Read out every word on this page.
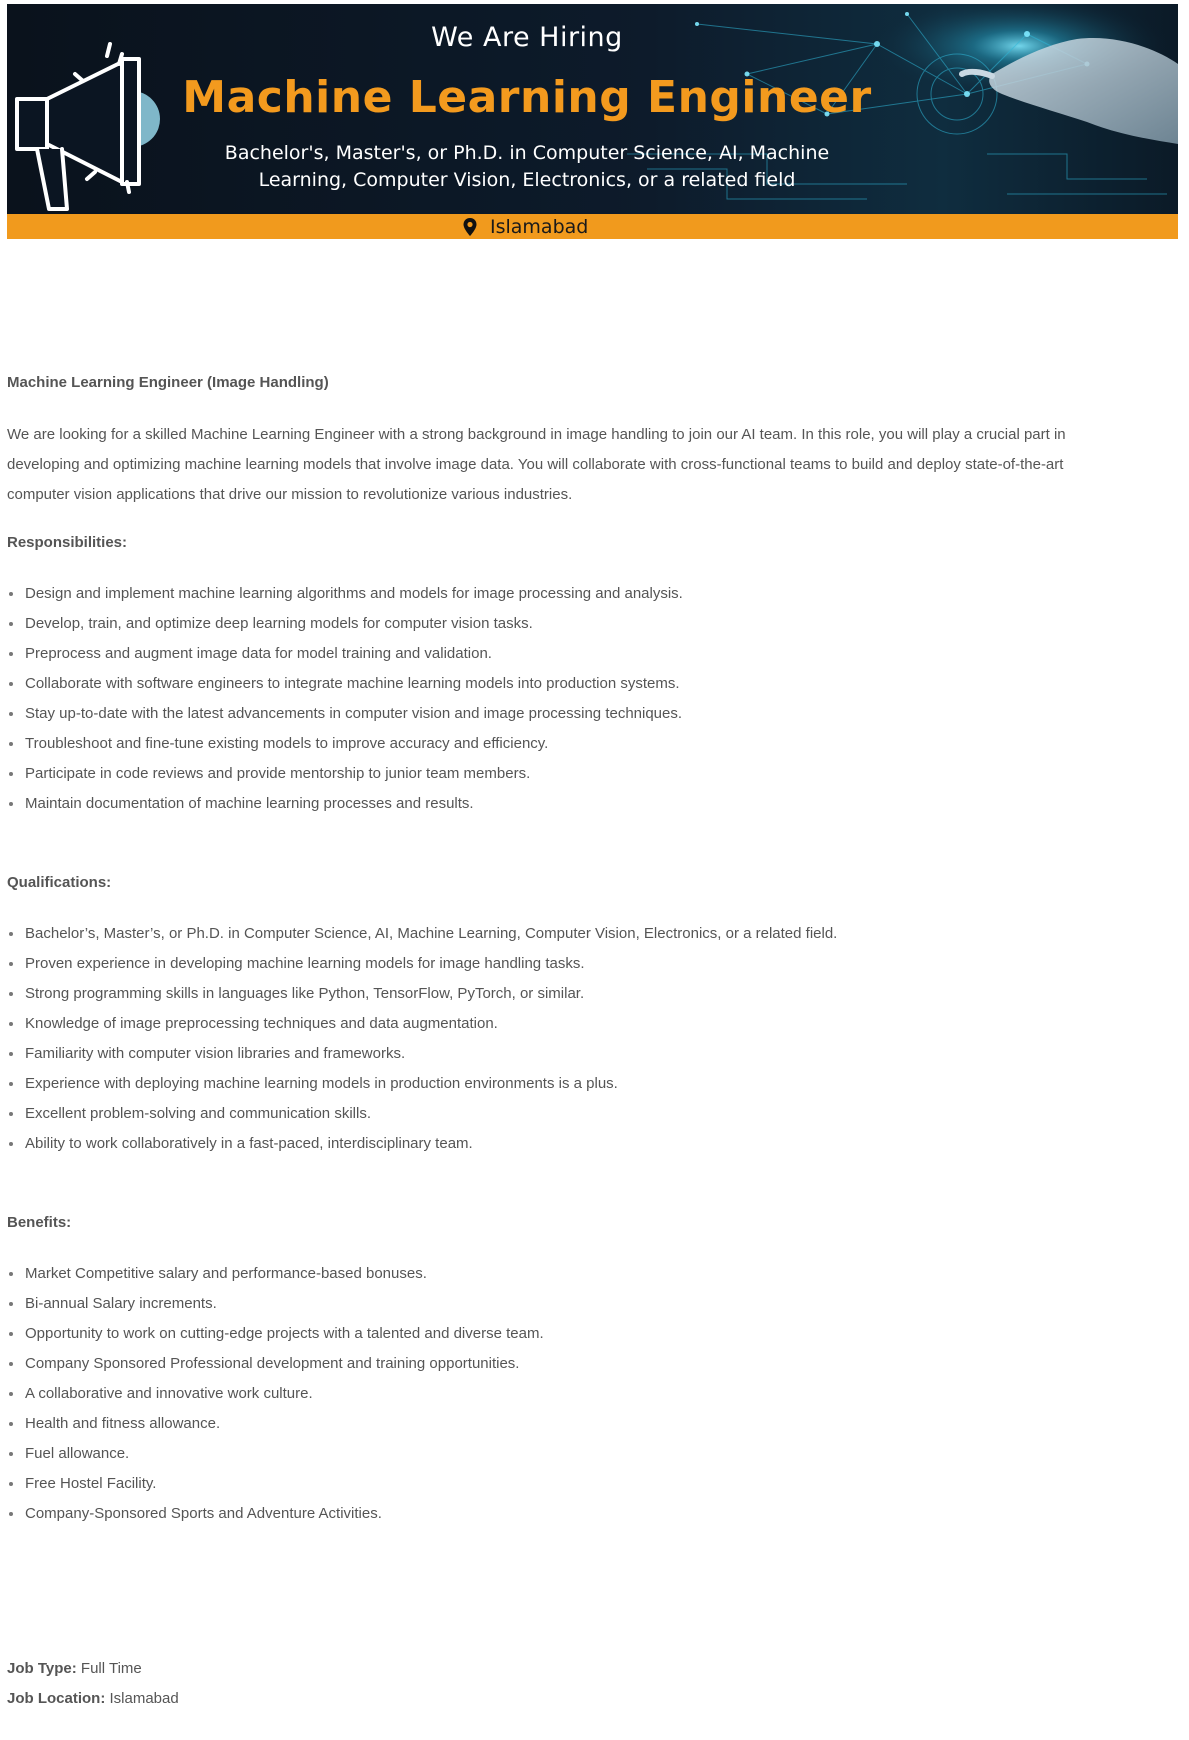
We Are Hiring
Machine Learning Engineer
Bachelor's, Master's, or Ph.D. in Computer Science, AI, Machine
Learning, Computer Vision, Electronics, or a related field
Islamabad
Machine Learning Engineer (Image Handling)
We are looking for a skilled Machine Learning Engineer with a strong background in image handling to join our AI team. In this role, you will play a crucial part in developing and optimizing machine learning models that involve image data. You will collaborate with cross-functional teams to build and deploy state-of-the-art computer vision applications that drive our mission to revolutionize various industries.
Responsibilities:
Design and implement machine learning algorithms and models for image processing and analysis.
Develop, train, and optimize deep learning models for computer vision tasks.
Preprocess and augment image data for model training and validation.
Collaborate with software engineers to integrate machine learning models into production systems.
Stay up-to-date with the latest advancements in computer vision and image processing techniques.
Troubleshoot and fine-tune existing models to improve accuracy and efficiency.
Participate in code reviews and provide mentorship to junior team members.
Maintain documentation of machine learning processes and results.
Qualifications:
Bachelor’s, Master’s, or Ph.D. in Computer Science, AI, Machine Learning, Computer Vision, Electronics, or a related field.
Proven experience in developing machine learning models for image handling tasks.
Strong programming skills in languages like Python, TensorFlow, PyTorch, or similar.
Knowledge of image preprocessing techniques and data augmentation.
Familiarity with computer vision libraries and frameworks.
Experience with deploying machine learning models in production environments is a plus.
Excellent problem-solving and communication skills.
Ability to work collaboratively in a fast-paced, interdisciplinary team.
Benefits:
Market Competitive salary and performance-based bonuses.
Bi-annual Salary increments.
Opportunity to work on cutting-edge projects with a talented and diverse team.
Company Sponsored Professional development and training opportunities.
A collaborative and innovative work culture.
Health and fitness allowance.
Fuel allowance.
Free Hostel Facility.
Company-Sponsored Sports and Adventure Activities.
Job Type: Full Time
Job Location: Islamabad
